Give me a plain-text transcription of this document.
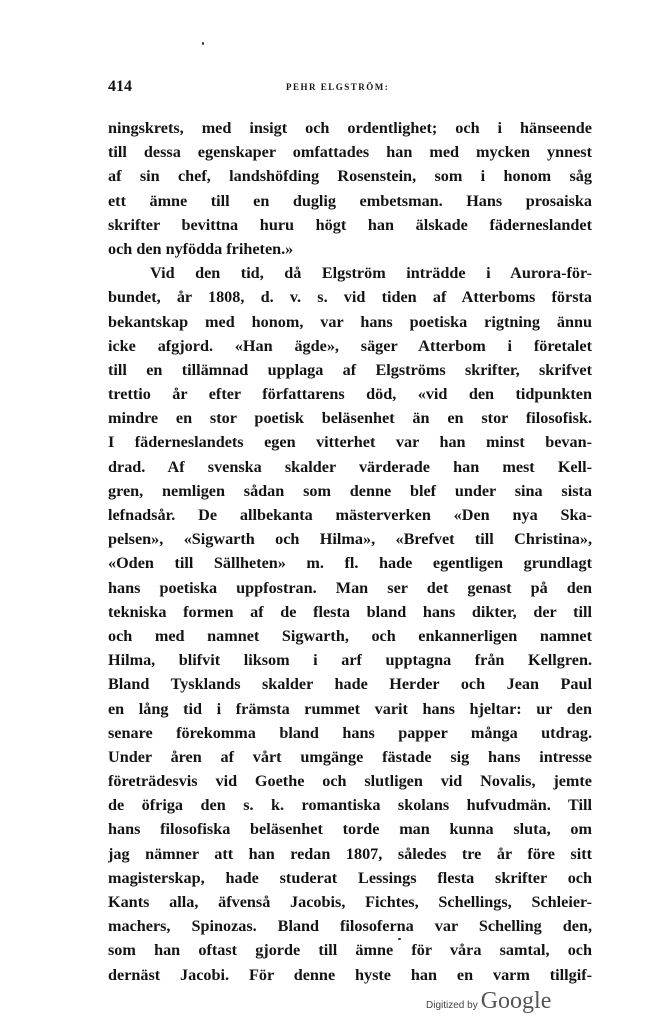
414	PEHR ELGSTRÖM:
ningskrets, med insigt och ordentlighet; och i hänseende
till dessa egenskaper omfattades han med mycken ynnest
af sin chef, landshöfding Rosenstein, som i honom såg
ett ämne till en duglig embetsman. Hans prosaiska
skrifter bevittna huru högt han älskade fäderneslandet
och den nyfödda friheten.»
Vid den tid, då Elgström inträdde i Aurora-för-
bundet, år 1808, d. v. s. vid tiden af Atterboms första
bekantskap med honom, var hans poetiska rigtning ännu
icke afgjord. «Han ägde», säger Atterbom i företalet
till en tillämnad upplaga af Elgströms skrifter, skrifvet
trettio år efter författarens död, «vid den tidpunkten
mindre en stor poetisk beläsenhet än en stor filosofisk.
I fäderneslandets egen vitterhet var han minst bevan-
drad. Af svenska skalder värderade han mest Kell-
gren, nemligen sådan som denne blef under sina sista
lefnadsår. De allbekanta mästerverken «Den nya Ska-
pelsen», «Sigwarth och Hilma», «Brefvet till Christina»,
«Oden till Sällheten» m. fl. hade egentligen grundlagt
hans poetiska uppfostran. Man ser det genast på den
tekniska formen af de flesta bland hans dikter, der till
och med namnet Sigwarth, och enkannerligen namnet
Hilma, blifvit liksom i arf upptagna från Kellgren.
Bland Tysklands skalder hade Herder och Jean Paul
en lång tid i främsta rummet varit hans hjeltar: ur den
senare förekomma bland hans papper många utdrag.
Under åren af vårt umgänge fästade sig hans intresse
företrädesvis vid Goethe och slutligen vid Novalis, jemte
de öfriga den s. k. romantiska skolans hufvudmän. Till
hans filosofiska beläsenhet torde man kunna sluta, om
jag nämner att han redan 1807, således tre år före sitt
magisterskap, hade studerat Lessings flesta skrifter och
Kants alla, äfvenså Jacobis, Fichtes, Schellings, Schleier-
machers, Spinozas. Bland filosoferna var Schelling den,
som han oftast gjorde till ämne för våra samtal, och
dernäst Jacobi. För denne hyste han en varm tillgif-
Digitized by Google
